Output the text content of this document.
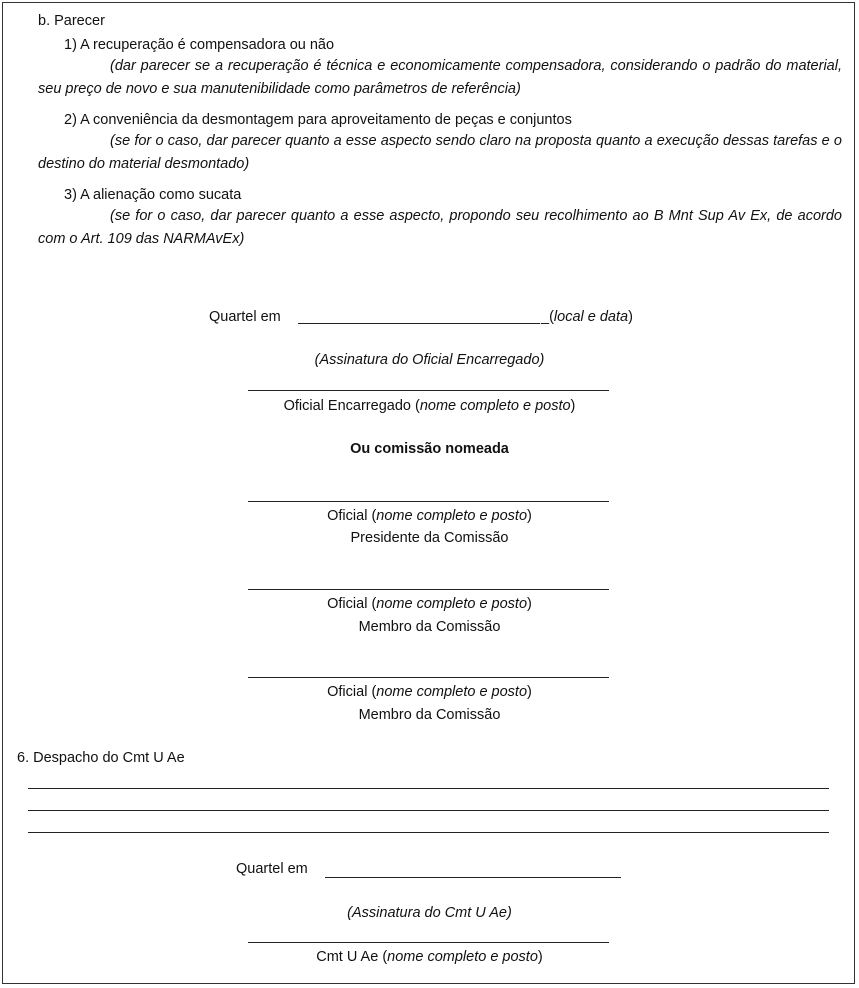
b. Parecer
1) A recuperação é compensadora ou não
(dar parecer se a recuperação é técnica e economicamente compensadora, considerando o padrão do material, seu preço de novo e sua manutenibilidade como parâmetros de referência)
2) A conveniência da desmontagem para aproveitamento de peças e conjuntos
(se for o caso, dar parecer quanto a esse aspecto sendo claro na proposta quanto a execução dessas tarefas e o destino do material desmontado)
3) A alienação como sucata
(se for o caso, dar parecer quanto a esse aspecto, propondo seu recolhimento ao B Mnt Sup Av Ex, de acordo com o Art. 109 das NARMAvEx)
Quartel em	_(local e data)
(Assinatura do Oficial Encarregado)
Oficial Encarregado (nome completo e posto)
Ou comissão nomeada
Oficial (nome completo e posto)
Presidente da Comissão
Oficial (nome completo e posto)
Membro da Comissão
Oficial (nome completo e posto)
Membro da Comissão
6. Despacho do Cmt U Ae
Quartel em
(Assinatura do Cmt U Ae)
Cmt U Ae (nome completo e posto)
